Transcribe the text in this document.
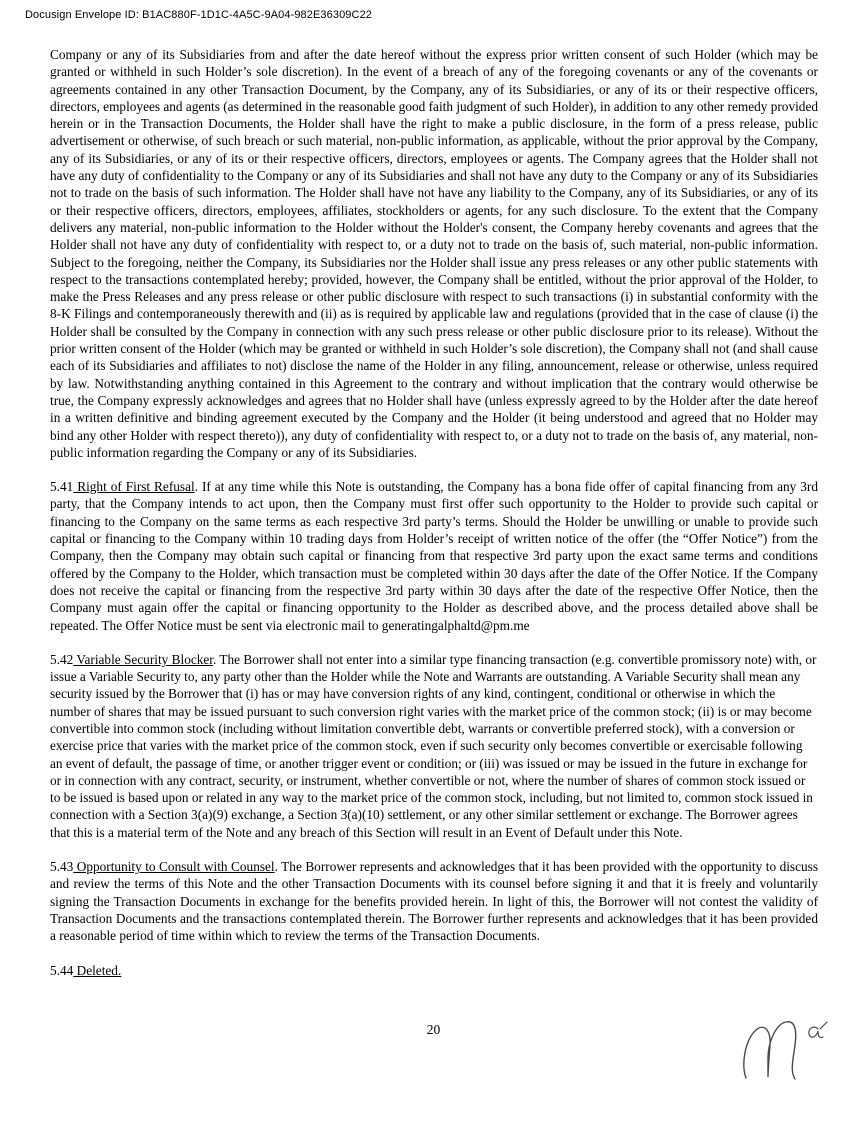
Docusign Envelope ID: B1AC880F-1D1C-4A5C-9A04-982E36309C22

Company or any of its Subsidiaries from and after the date hereof without the express prior written consent of such Holder (which may be granted or withheld in such Holder’s sole discretion). In the event of a breach of any of the foregoing covenants or any of the covenants or agreements contained in any other Transaction Document, by the Company, any of its Subsidiaries, or any of its or their respective officers, directors, employees and agents (as determined in the reasonable good faith judgment of such Holder), in addition to any other remedy provided herein or in the Transaction Documents, the Holder shall have the right to make a public disclosure, in the form of a press release, public advertisement or otherwise, of such breach or such material, non-public information, as applicable, without the prior approval by the Company, any of its Subsidiaries, or any of its or their respective officers, directors, employees or agents. The Company agrees that the Holder shall not have any duty of confidentiality to the Company or any of its Subsidiaries and shall not have any duty to the Company or any of its Subsidiaries not to trade on the basis of such information. The Holder shall have not have any liability to the Company, any of its Subsidiaries, or any of its or their respective officers, directors, employees, affiliates, stockholders or agents, for any such disclosure. To the extent that the Company delivers any material, non-public information to the Holder without the Holder's consent, the Company hereby covenants and agrees that the Holder shall not have any duty of confidentiality with respect to, or a duty not to trade on the basis of, such material, non-public information. Subject to the foregoing, neither the Company, its Subsidiaries nor the Holder shall issue any press releases or any other public statements with respect to the transactions contemplated hereby; provided, however, the Company shall be entitled, without the prior approval of the Holder, to make the Press Releases and any press release or other public disclosure with respect to such transactions (i) in substantial conformity with the 8-K Filings and contemporaneously therewith and (ii) as is required by applicable law and regulations (provided that in the case of clause (i) the Holder shall be consulted by the Company in connection with any such press release or other public disclosure prior to its release). Without the prior written consent of the Holder (which may be granted or withheld in such Holder’s sole discretion), the Company shall not (and shall cause each of its Subsidiaries and affiliates to not) disclose the name of the Holder in any filing, announcement, release or otherwise, unless required by law. Notwithstanding anything contained in this Agreement to the contrary and without implication that the contrary would otherwise be true, the Company expressly acknowledges and agrees that no Holder shall have (unless expressly agreed to by the Holder after the date hereof in a written definitive and binding agreement executed by the Company and the Holder (it being understood and agreed that no Holder may bind any other Holder with respect thereto)), any duty of confidentiality with respect to, or a duty not to trade on the basis of, any material, non-public information regarding the Company or any of its Subsidiaries.

5.41 Right of First Refusal. If at any time while this Note is outstanding, the Company has a bona fide offer of capital financing from any 3rd party, that the Company intends to act upon, then the Company must first offer such opportunity to the Holder to provide such capital or financing to the Company on the same terms as each respective 3rd party’s terms. Should the Holder be unwilling or unable to provide such capital or financing to the Company within 10 trading days from Holder’s receipt of written notice of the offer (the “Offer Notice”) from the Company, then the Company may obtain such capital or financing from that respective 3rd party upon the exact same terms and conditions offered by the Company to the Holder, which transaction must be completed within 30 days after the date of the Offer Notice. If the Company does not receive the capital or financing from the respective 3rd party within 30 days after the date of the respective Offer Notice, then the Company must again offer the capital or financing opportunity to the Holder as described above, and the process detailed above shall be repeated. The Offer Notice must be sent via electronic mail to generatingalphaltd@pm.me

5.42 Variable Security Blocker. The Borrower shall not enter into a similar type financing transaction (e.g. convertible promissory note) with, or issue a Variable Security to, any party other than the Holder while the Note and Warrants are outstanding. A Variable Security shall mean any security issued by the Borrower that (i) has or may have conversion rights of any kind, contingent, conditional or otherwise in which the number of shares that may be issued pursuant to such conversion right varies with the market price of the common stock; (ii) is or may become convertible into common stock (including without limitation convertible debt, warrants or convertible preferred stock), with a conversion or exercise price that varies with the market price of the common stock, even if such security only becomes convertible or exercisable following an event of default, the passage of time, or another trigger event or condition; or (iii) was issued or may be issued in the future in exchange for or in connection with any contract, security, or instrument, whether convertible or not, where the number of shares of common stock issued or to be issued is based upon or related in any way to the market price of the common stock, including, but not limited to, common stock issued in connection with a Section 3(a)(9) exchange, a Section 3(a)(10) settlement, or any other similar settlement or exchange. The Borrower agrees that this is a material term of the Note and any breach of this Section will result in an Event of Default under this Note.

5.43 Opportunity to Consult with Counsel. The Borrower represents and acknowledges that it has been provided with the opportunity to discuss and review the terms of this Note and the other Transaction Documents with its counsel before signing it and that it is freely and voluntarily signing the Transaction Documents in exchange for the benefits provided herein. In light of this, the Borrower will not contest the validity of Transaction Documents and the transactions contemplated therein. The Borrower further represents and acknowledges that it has been provided a reasonable period of time within which to review the terms of the Transaction Documents.

5.44 Deleted.

20
